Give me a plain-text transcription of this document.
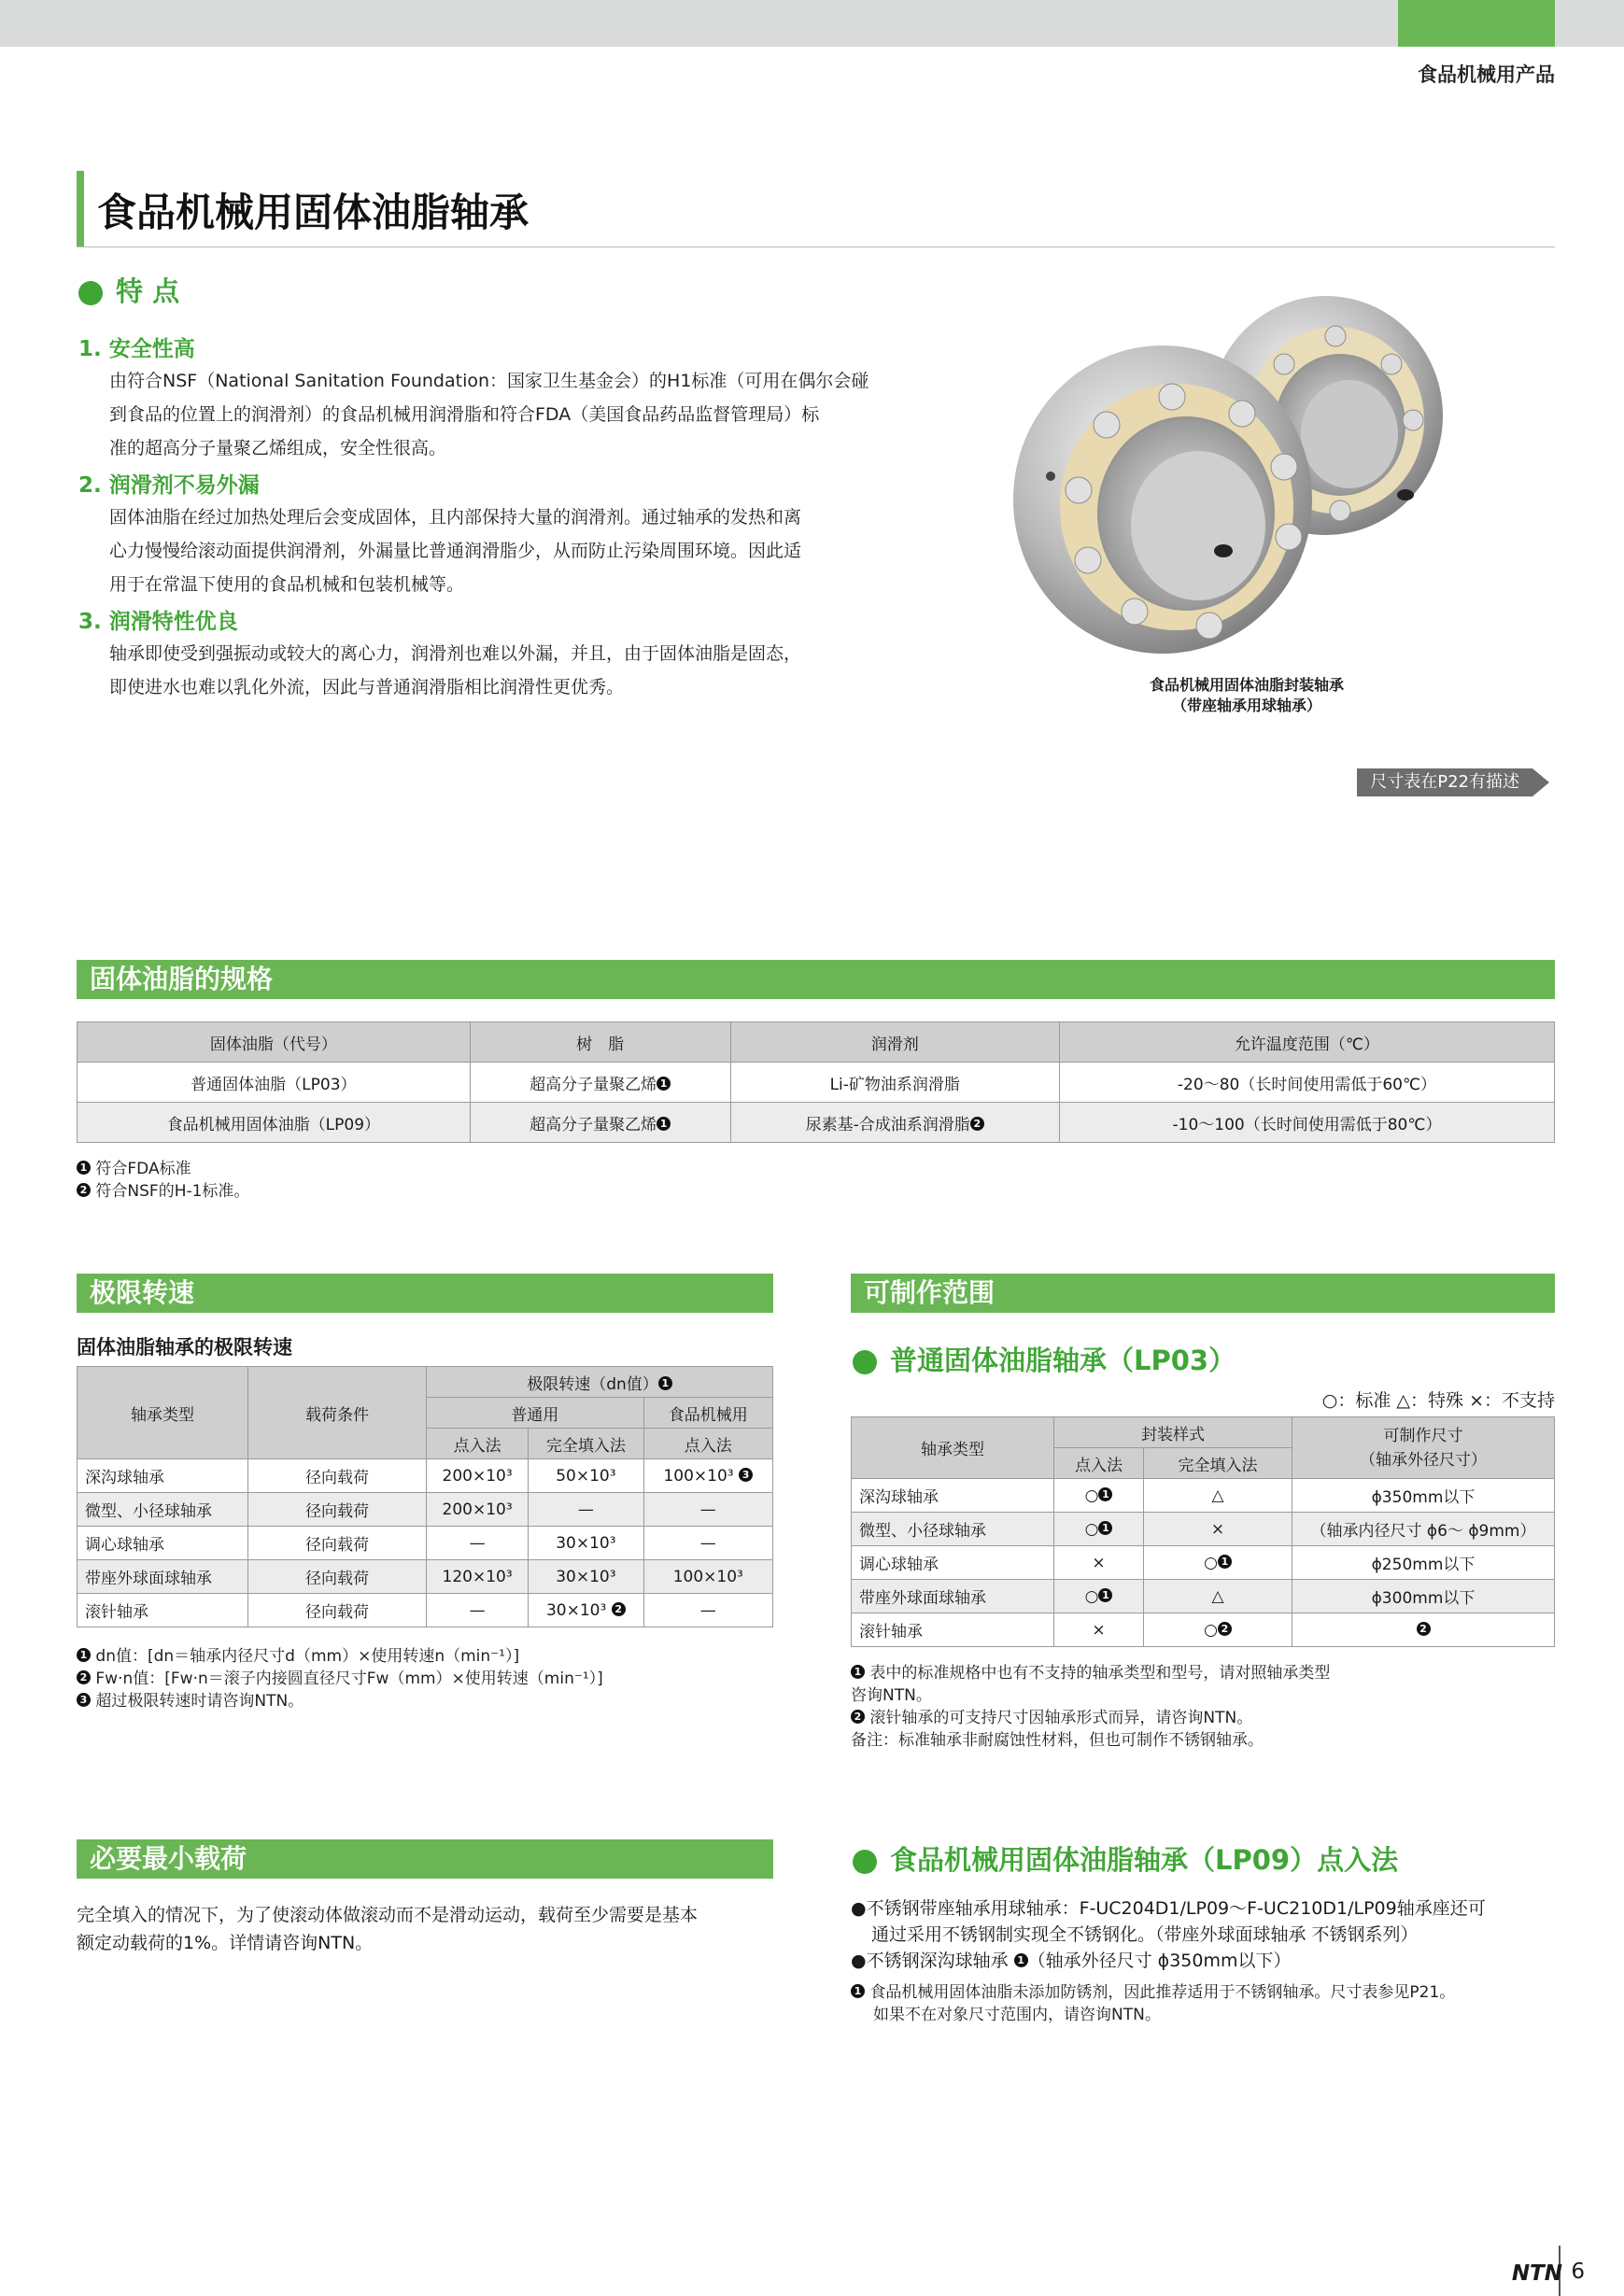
食品机械用产品
食品机械用固体油脂轴承
特 点
1. 安全性高
由符合NSF（National Sanitation Foundation：国家卫生基金会）的H1标准（可用在偶尔会碰
到食品的位置上的润滑剂）的食品机械用润滑脂和符合FDA（美国食品药品监督管理局）标
准的超高分子量聚乙烯组成，安全性很高。
2. 润滑剂不易外漏
固体油脂在经过加热处理后会变成固体，且内部保持大量的润滑剂。通过轴承的发热和离
心力慢慢给滚动面提供润滑剂，外漏量比普通润滑脂少，从而防止污染周围环境。因此适
用于在常温下使用的食品机械和包装机械等。
3. 润滑特性优良
轴承即使受到强振动或较大的离心力，润滑剂也难以外漏，并且，由于固体油脂是固态，
即使进水也难以乳化外流，因此与普通润滑脂相比润滑性更优秀。	食品机械用固体油脂封装轴承
（带座轴承用球轴承）
尺寸表在P22有描述
固体油脂的规格
固体油脂（代号）	树　脂	润滑剂	允许温度范围（℃）
普通固体油脂（LP03）	超高分子量聚乙烯 1	Li-矿物油系润滑脂	-20～80（长时间使用需低于60℃）
食品机械用固体油脂（LP09）	超高分子量聚乙烯 1	尿素基-合成油系润滑脂 2	-10～100（长时间使用需低于80℃）
1 符合FDA标准
2 符合NSF的H-1标准。
极限转速
固体油脂轴承的极限转速
轴承类型	载荷条件	极限转速（dn值） 1		
		普通用		食品机械用
		点入法	完全填入法	点入法
深沟球轴承	径向载荷	200×10³	50×10³	100×10³ 3
微型、小径球轴承	径向载荷	200×10³	—	—
调心球轴承	径向载荷	—	30×10³	—
带座外球面球轴承	径向载荷	120×10³	30×10³	100×10³
滚针轴承	径向载荷	—	30×10³ 2	—
1 dn值：[dn＝轴承内径尺寸d（mm）×使用转速n（min⁻¹）]
2 Fw·n值：[Fw·n＝滚子内接圆直径尺寸Fw（mm）×使用转速（min⁻¹）]
3 超过极限转速时请咨询NTN。
可制作范围
普通固体油脂轴承（LP03）
○：标准 △：特殊 ×：不支持
轴承类型	封装样式		可制作尺寸
（轴承外径尺寸）

	点入法	完全填入法	
深沟球轴承	○ 1	△	ϕ350mm以下
微型、小径球轴承	○ 1	×	（轴承内径尺寸 ϕ6～ ϕ9mm）
调心球轴承	×	○ 1	ϕ250mm以下
带座外球面球轴承	○ 1	△	ϕ300mm以下
滚针轴承	×	○ 2	2
1 表中的标准规格中也有不支持的轴承类型和型号，请对照轴承类型
咨询NTN。
2 滚针轴承的可支持尺寸因轴承形式而异，请咨询NTN。
备注：标准轴承非耐腐蚀性材料，但也可制作不锈钢轴承。
必要最小载荷
完全填入的情况下，为了使滚动体做滚动而不是滑动运动，载荷至少需要是基本
额定动载荷的1%。详情请咨询NTN。
食品机械用固体油脂轴承（LP09）点入法
●不锈钢带座轴承用球轴承：F-UC204D1/LP09～F-UC210D1/LP09轴承座还可
通过采用不锈钢制实现全不锈钢化。（带座外球面球轴承 不锈钢系列）
●不锈钢深沟球轴承 1 （轴承外径尺寸 ϕ350mm以下）
1 食品机械用固体油脂未添加防锈剂，因此推荐适用于不锈钢轴承。尺寸表参见P21。
如果不在对象尺寸范围内，请咨询NTN。
NTN 6
